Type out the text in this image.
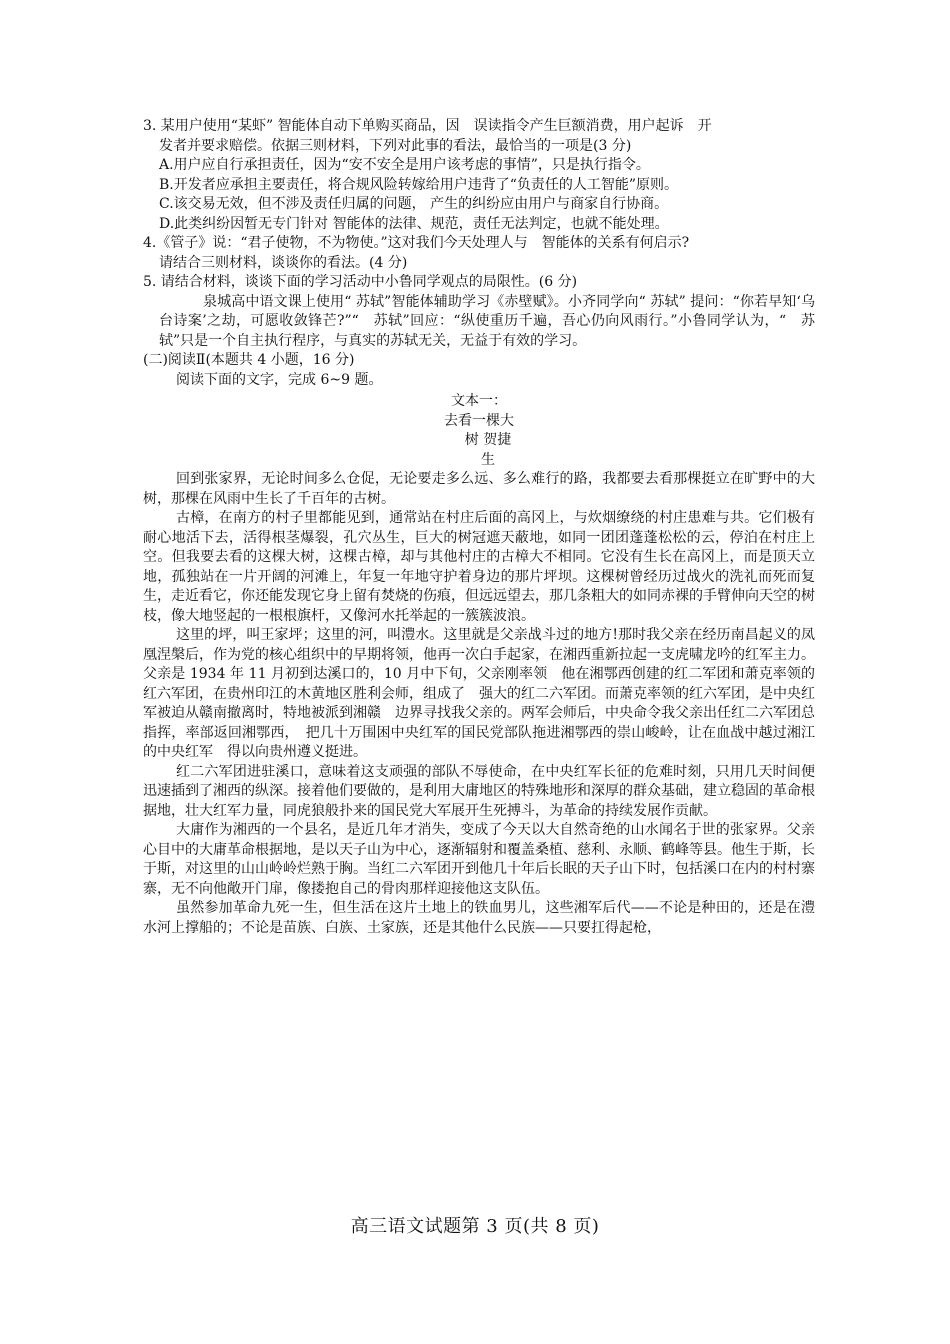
3. 某用户使用“某虾” 智能体自动下单购买商品，因　误读指令产生巨额消费，用户起诉　开

发者并要求赔偿。依据三则材料，下列对此事的看法，最恰当的一项是(3 分)

A.用户应自行承担责任，因为“安不安全是用户该考虑的事情”，只是执行指令。

B.开发者应承担主要责任，将合规风险转嫁给用户违背了“负责任的人工智能”原则。

C.该交易无效，但不涉及责任归属的问题， 产生的纠纷应由用户与商家自行协商。

D.此类纠纷因暂无专门针对 智能体的法律、规范，责任无法判定，也就不能处理。

4.《管子》说：“君子使物，不为物使。”这对我们今天处理人与　智能体的关系有何启示?

请结合三则材料，谈谈你的看法。(4 分)

5. 请结合材料，谈谈下面的学习活动中小鲁同学观点的局限性。(6 分)

泉城高中语文课上使用“ 苏轼”智能体辅助学习《赤壁赋》。小齐同学向“ 苏轼” 提问：“你若早知‘乌台诗案’之劫，可愿收敛锋芒?”“　苏轼”回应：“纵使重历千遍，吾心仍向风雨行。”小鲁同学认为，“　苏轼”只是一个自主执行程序，与真实的苏轼无关，无益于有效的学习。

(二)阅读Ⅱ(本题共 4 小题，16 分)

阅读下面的文字，完成 6~9 题。

文本一：

去看一棵大

树 贺捷

生

回到张家界，无论时间多么仓促，无论要走多么远、多么难行的路，我都要去看那棵挺立在旷野中的大树，那棵在风雨中生长了千百年的古树。

古樟，在南方的村子里都能见到，通常站在村庄后面的高冈上，与炊烟缭绕的村庄患难与共。它们极有耐心地活下去，活得根茎爆裂，孔穴丛生，巨大的树冠遮天蔽地，如同一团团蓬蓬松松的云，停泊在村庄上空。但我要去看的这棵大树，这棵古樟，却与其他村庄的古樟大不相同。它没有生长在高冈上，而是顶天立地，孤独站在一片开阔的河滩上，年复一年地守护着身边的那片坪坝。这棵树曾经历过战火的洗礼而死而复生，走近看它，你还能发现它身上留有焚烧的伤痕，但远远望去，那几条粗大的如同赤裸的手臂伸向天空的树枝，像大地竖起的一根根旗杆，又像河水托举起的一簇簇波浪。

这里的坪，叫王家坪；这里的河，叫澧水。这里就是父亲战斗过的地方!那时我父亲在经历南昌起义的凤凰涅槃后，作为党的核心组织中的早期将领，他再一次白手起家，在湘西重新拉起一支虎啸龙吟的红军主力。父亲是 1934 年 11 月初到达溪口的，10 月中下旬，父亲刚率领　他在湘鄂西创建的红二军团和萧克率领的红六军团，在贵州印江的木黄地区胜利会师，组成了　强大的红二六军团。而萧克率领的红六军团，是中央红军被迫从赣南撤离时，特地被派到湘赣　边界寻找我父亲的。两军会师后，中央命令我父亲出任红二六军团总指挥，率部返回湘鄂西，　把几十万围困中央红军的国民党部队拖进湘鄂西的崇山峻岭，让在血战中越过湘江的中央红军　得以向贵州遵义挺进。

红二六军团进驻溪口，意味着这支顽强的部队不辱使命，在中央红军长征的危难时刻，只用几天时间便迅速插到了湘西的纵深。接着他们要做的，是利用大庸地区的特殊地形和深厚的群众基础，建立稳固的革命根据地，壮大红军力量，同虎狼般扑来的国民党大军展开生死搏斗，为革命的持续发展作贡献。

大庸作为湘西的一个县名，是近几年才消失，变成了今天以大自然奇绝的山水闻名于世的张家界。父亲心目中的大庸革命根据地，是以天子山为中心，逐渐辐射和覆盖桑植、慈利、永顺、鹤峰等县。他生于斯，长于斯，对这里的山山岭岭烂熟于胸。当红二六军团开到他几十年后长眠的天子山下时，包括溪口在内的村村寨寨，无不向他敞开门扉，像搂抱自己的骨肉那样迎接他这支队伍。

虽然参加革命九死一生，但生活在这片土地上的铁血男儿，这些湘军后代——不论是种田的，还是在澧水河上撑船的；不论是苗族、白族、土家族，还是其他什么民族——只要扛得起枪，

高三语文试题第 3 页(共 8 页)
